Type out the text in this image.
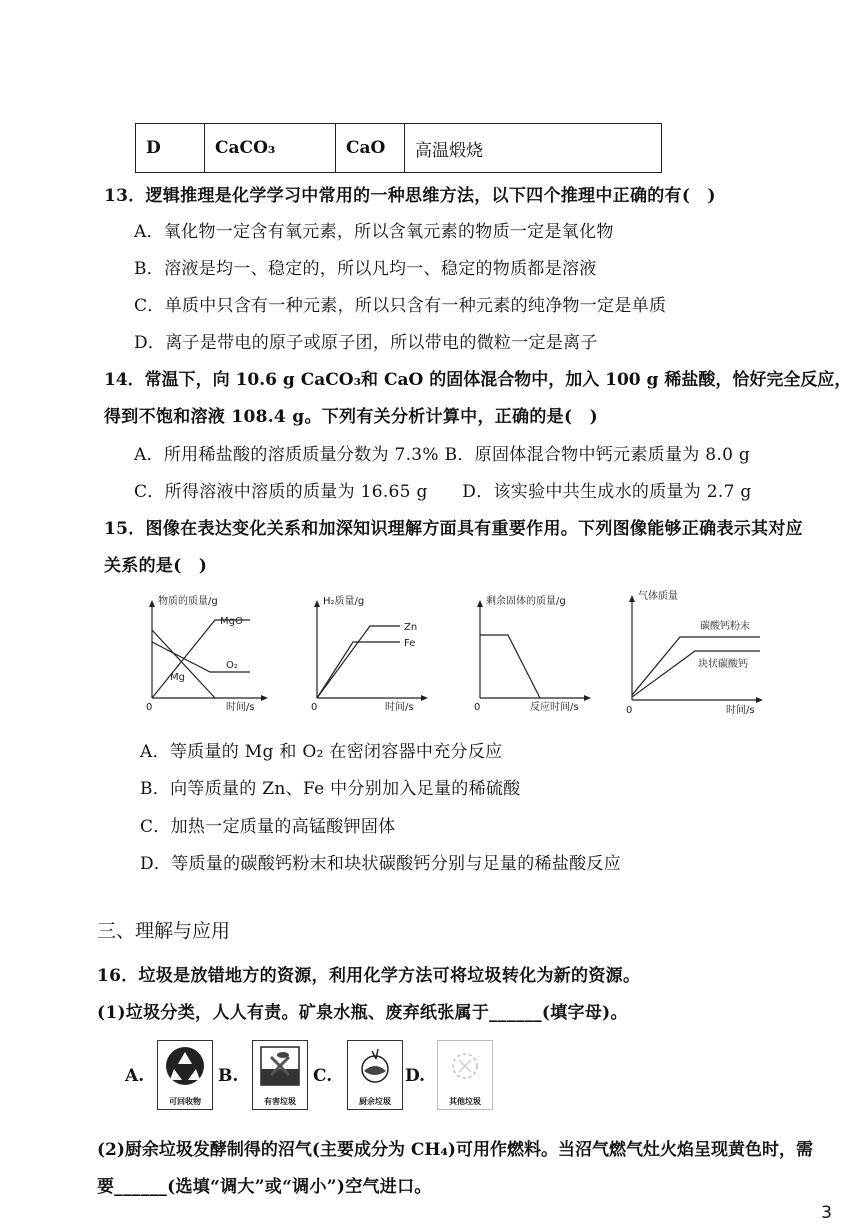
D	CaCO₃	CaO	高温煅烧
13．逻辑推理是化学学习中常用的一种思维方法，以下四个推理中正确的有(　)
A．氧化物一定含有氧元素，所以含氧元素的物质一定是氧化物
B．溶液是均一、稳定的，所以凡均一、稳定的物质都是溶液
C．单质中只含有一种元素，所以只含有一种元素的纯净物一定是单质
D．离子是带电的原子或原子团，所以带电的微粒一定是离子
14．常温下，向 10.6 g CaCO₃和 CaO 的固体混合物中，加入 100 g 稀盐酸，恰好完全反应，
得到不饱和溶液 108.4 g。下列有关分析计算中，正确的是(　)
A．所用稀盐酸的溶质质量分数为 7.3% B．原固体混合物中钙元素质量为 8.0 g
C．所得溶液中溶质的质量为 16.65 g　　D．该实验中共生成水的质量为 2.7 g
15．图像在表达变化关系和加深知识理解方面具有重要作用。下列图像能够正确表示其对应
关系的是(　)
物质的质量/g
MgO
O₂
Mg
0	时间/s
H₂质量/g
Zn
Fe
0	时间/s
剩余固体的质量/g
0	反应时间/s
气体质量
碳酸钙粉末
块状碳酸钙
0	时间/s
A．等质量的 Mg 和 O₂ 在密闭容器中充分反应
B．向等质量的 Zn、Fe 中分别加入足量的稀硫酸
C．加热一定质量的高锰酸钾固体
D．等质量的碳酸钙粉末和块状碳酸钙分别与足量的稀盐酸反应
三、理解与应用
16．垃圾是放错地方的资源，利用化学方法可将垃圾转化为新的资源。
(1)垃圾分类，人人有责。矿泉水瓶、废弃纸张属于______(填字母)。
A.
可回收物
B.
有害垃圾
C.
厨余垃圾
D.
其他垃圾
(2)厨余垃圾发酵制得的沼气(主要成分为 CH₄)可用作燃料。当沼气燃气灶火焰呈现黄色时，需
要______(选填“调大”或“调小”)空气进口。
3
